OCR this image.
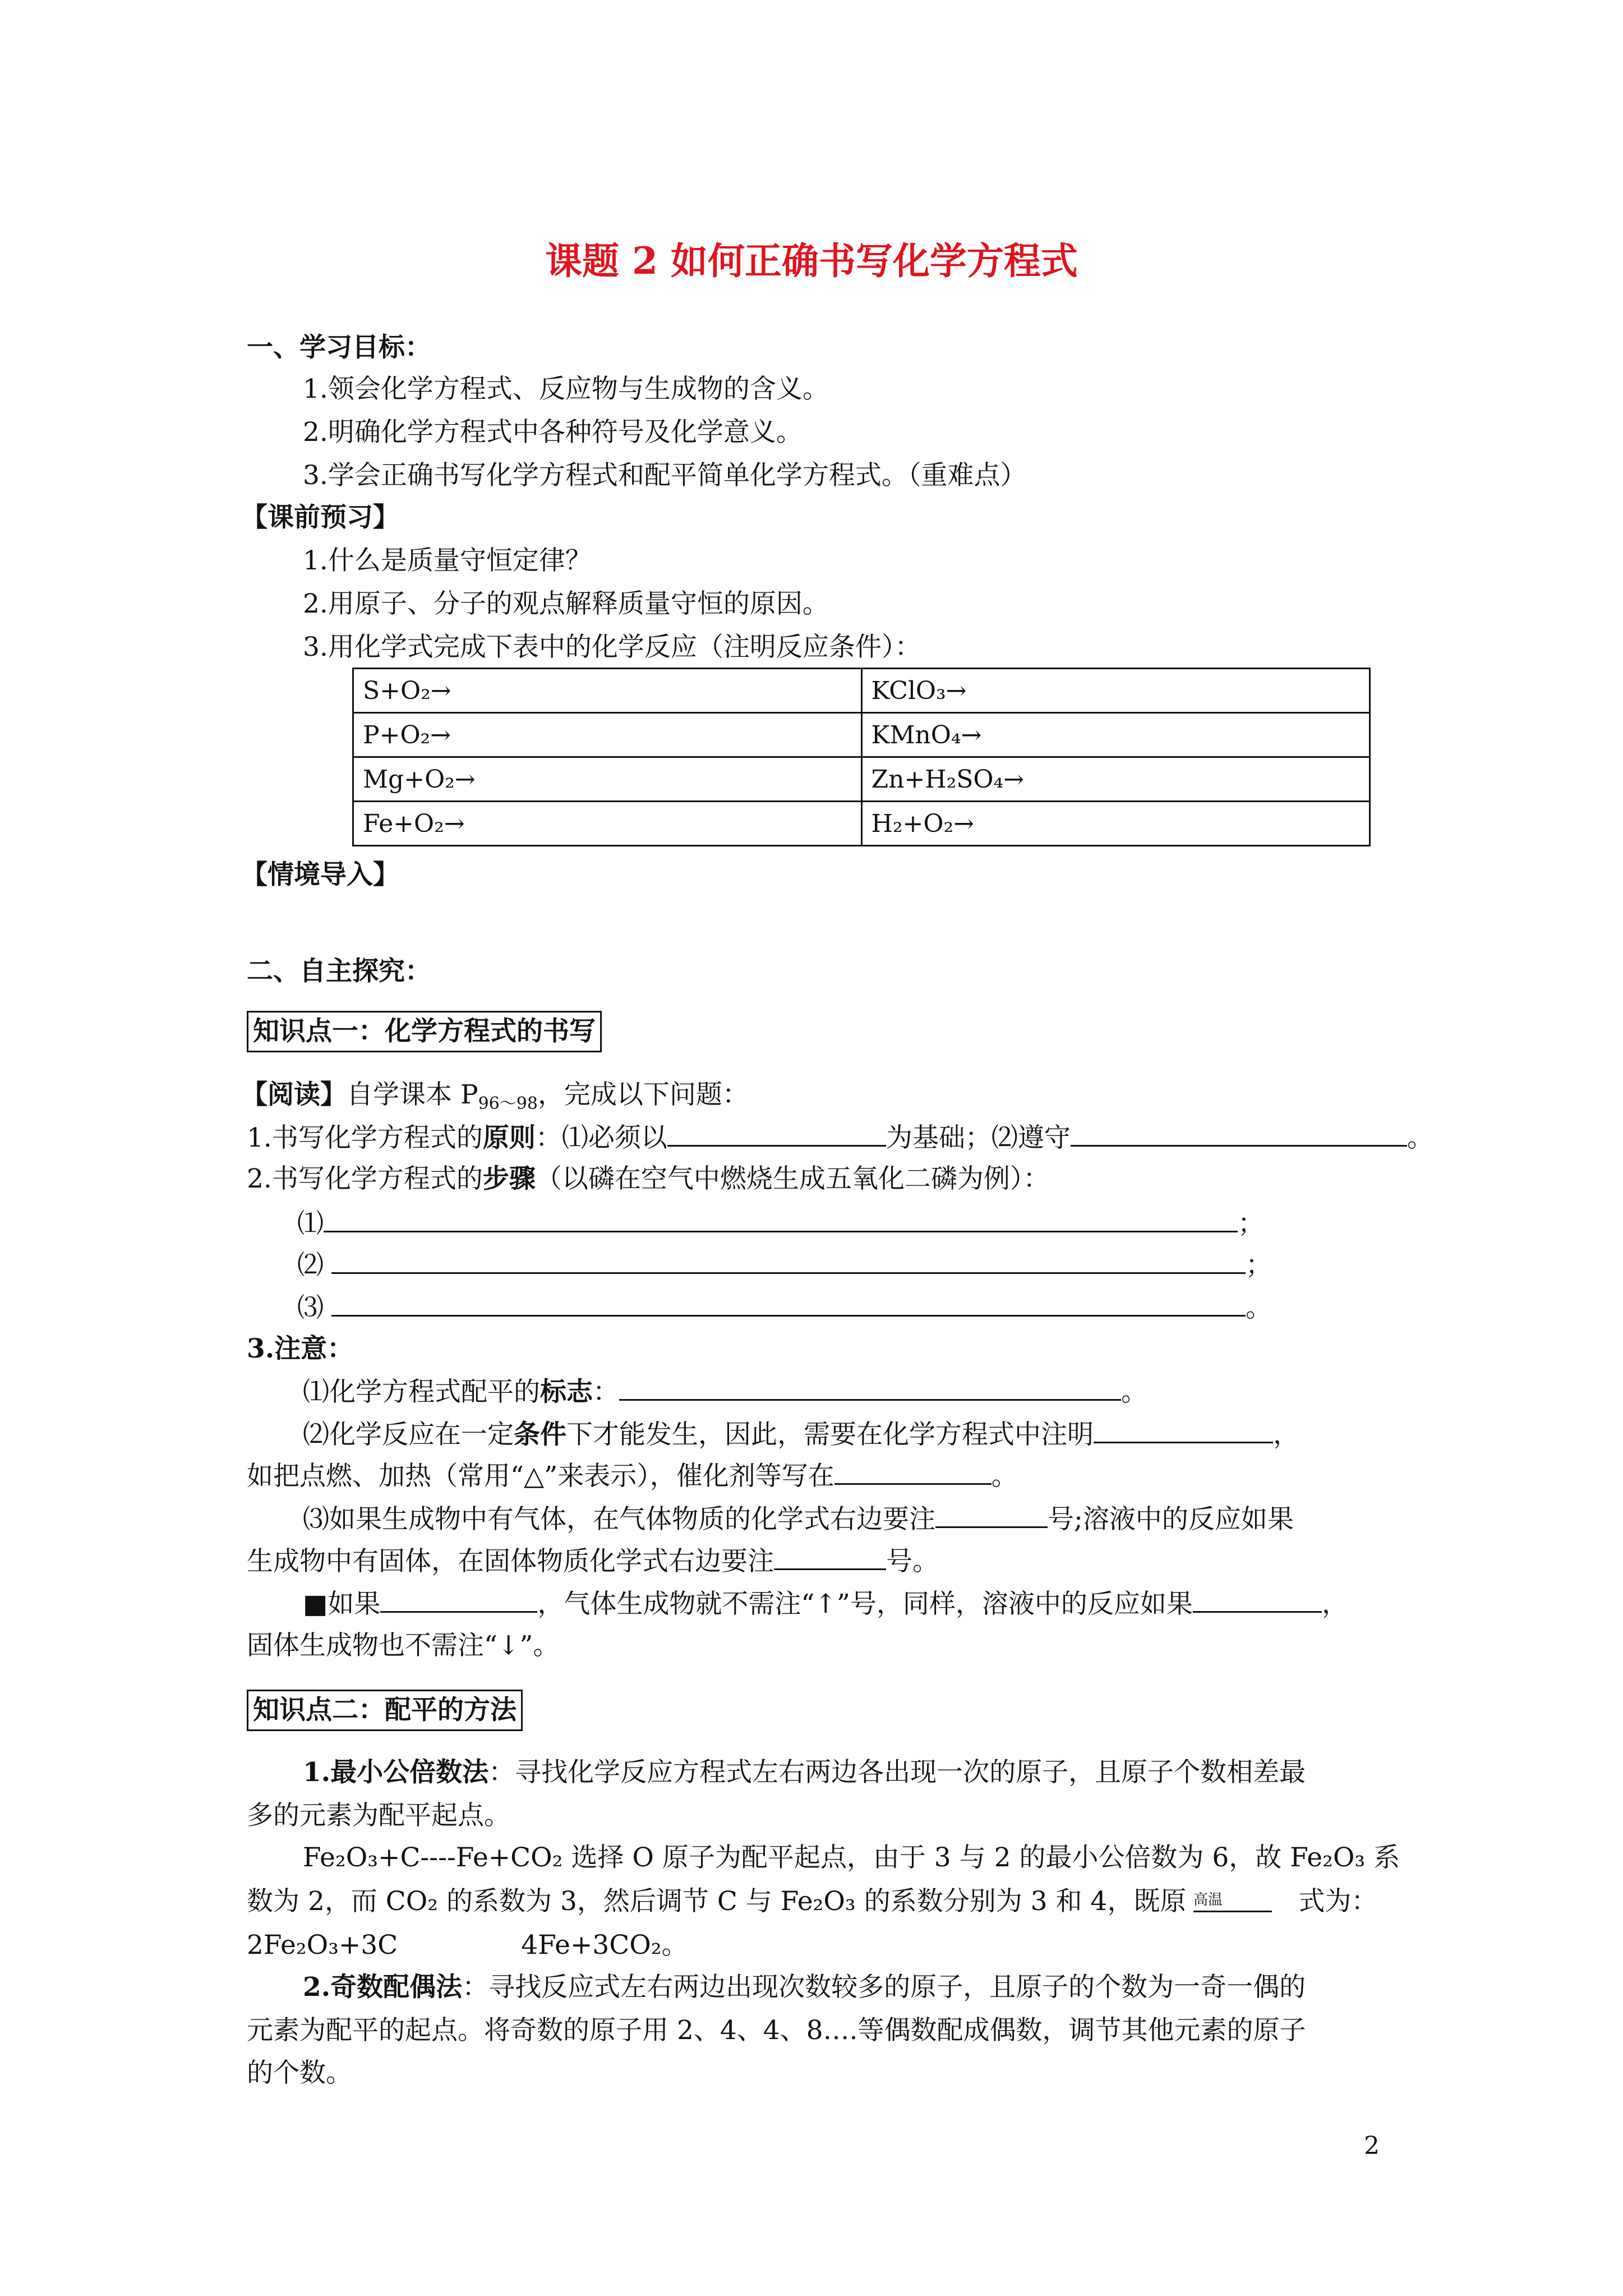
课题 2 如何正确书写化学方程式
一、学习目标：
1.领会化学方程式、反应物与生成物的含义。
2.明确化学方程式中各种符号及化学意义。
3.学会正确书写化学方程式和配平简单化学方程式。（重难点）
【课前预习】
1.什么是质量守恒定律？
2.用原子、分子的观点解释质量守恒的原因。
3.用化学式完成下表中的化学反应（注明反应条件）：
S+O₂→	KClO₃→
P+O₂→	KMnO₄→
Mg+O₂→	Zn+H₂SO₄→
Fe+O₂→	H₂+O₂→
【情境导入】
二、自主探究：
知识点一：化学方程式的书写
【阅读】自学课本 $P_{96\sim 98}$，完成以下问题：
1.书写化学方程式的原则：⑴必须以	为基础；⑵遵守	。
2.书写化学方程式的步骤（以磷在空气中燃烧生成五氧化二磷为例）：
⑴	；
⑵	；
⑶	。
3.注意：
⑴化学方程式配平的标志：	。
⑵化学反应在一定条件下才能发生，因此，需要在化学方程式中注明	，
如把点燃、加热（常用“△”来表示），催化剂等写在	。
⑶如果生成物中有气体，在气体物质的化学式右边要注	号;溶液中的反应如果
生成物中有固体，在固体物质化学式右边要注	号。
■如果	，气体生成物就不需注“↑”号，同样，溶液中的反应如果	，
固体生成物也不需注“↓”。
知识点二：配平的方法
1.最小公倍数法：寻找化学反应方程式左右两边各出现一次的原子，且原子个数相差最
多的元素为配平起点。
Fe₂O₃+C----Fe+CO₂ 选择 O 原子为配平起点，由于 3 与 2 的最小公倍数为 6，故 Fe₂O₃ 系
数为 2，而 CO₂ 的系数为 3，然后调节 C 与 Fe₂O₃ 的系数分别为 3 和 4，既原	式为：
高温
2Fe₂O₃+3C	4Fe+3CO₂。
2.奇数配偶法：寻找反应式左右两边出现次数较多的原子，且原子的个数为一奇一偶的
元素为配平的起点。将奇数的原子用 2、4、4、8….等偶数配成偶数，调节其他元素的原子
的个数。
2
